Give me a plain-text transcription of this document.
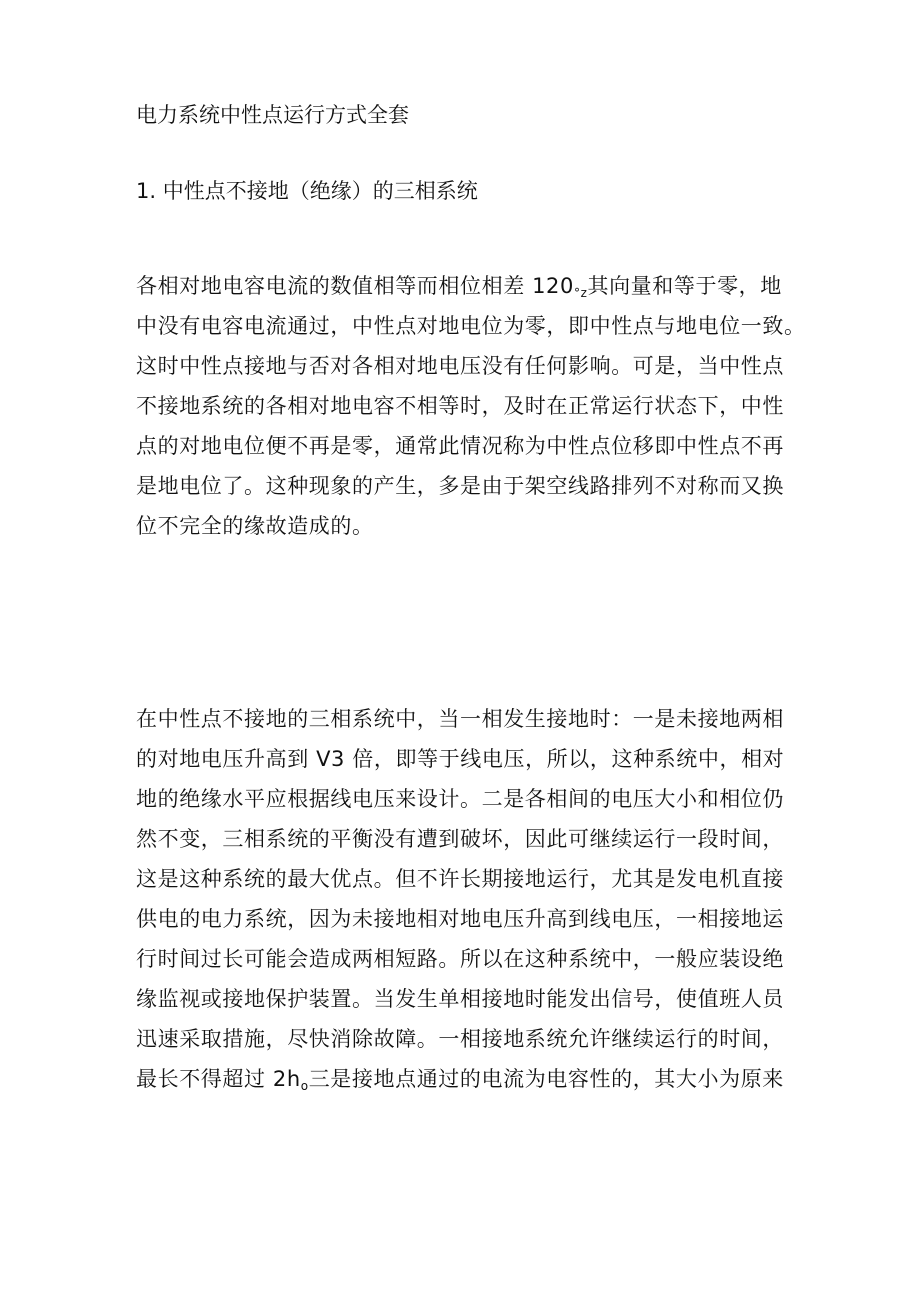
电力系统中性点运行方式全套
1. 中性点不接地（绝缘）的三相系统
各相对地电容电流的数值相等而相位相差 $120_{^\circ z}$其向量和等于零，地
中没有电容电流通过，中性点对地电位为零，即中性点与地电位一致。
这时中性点接地与否对各相对地电压没有任何影响。可是，当中性点
不接地系统的各相对地电容不相等时，及时在正常运行状态下，中性
点的对地电位便不再是零，通常此情况称为中性点位移即中性点不再
是地电位了。这种现象的产生，多是由于架空线路排列不对称而又换
位不完全的缘故造成的。
在中性点不接地的三相系统中，当一相发生接地时：一是未接地两相
的对地电压升高到 V3 倍，即等于线电压，所以，这种系统中，相对
地的绝缘水平应根据线电压来设计。二是各相间的电压大小和相位仍
然不变，三相系统的平衡没有遭到破坏，因此可继续运行一段时间，
这是这种系统的最大优点。但不许长期接地运行，尤其是发电机直接
供电的电力系统，因为未接地相对地电压升高到线电压，一相接地运
行时间过长可能会造成两相短路。所以在这种系统中，一般应装设绝
缘监视或接地保护装置。当发生单相接地时能发出信号，使值班人员
迅速采取措施，尽快消除故障。一相接地系统允许继续运行的时间，
最长不得超过 $2h_o$三是接地点通过的电流为电容性的，其大小为原来
